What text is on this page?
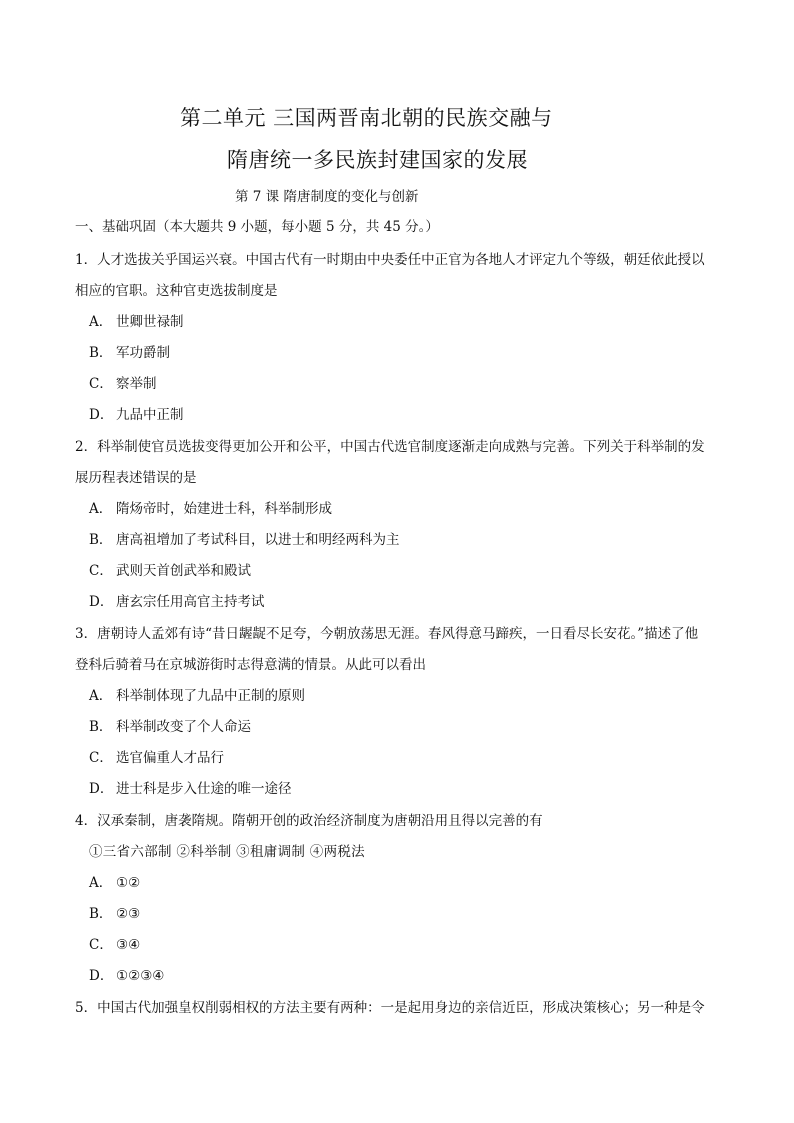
第二单元 三国两晋南北朝的民族交融与
隋唐统一多民族封建国家的发展
第 7 课 隋唐制度的变化与创新
一、基础巩固（本大题共 9 小题，每小题 5 分，共 45 分。）
1．人才选拔关乎国运兴衰。中国古代有一时期由中央委任中正官为各地人才评定九个等级，朝廷依此授以
相应的官职。这种官吏选拔制度是
A． 世卿世禄制
B． 军功爵制
C． 察举制
D． 九品中正制
2．科举制使官员选拔变得更加公开和公平，中国古代选官制度逐渐走向成熟与完善。下列关于科举制的发
展历程表述错误的是
A． 隋炀帝时，始建进士科，科举制形成
B． 唐高祖增加了考试科目，以进士和明经两科为主
C． 武则天首创武举和殿试
D． 唐玄宗任用高官主持考试
3．唐朝诗人孟郊有诗“昔日龌龊不足夸，今朝放荡思无涯。春风得意马蹄疾，一日看尽长安花。”描述了他
登科后骑着马在京城游街时志得意满的情景。从此可以看出
A． 科举制体现了九品中正制的原则
B． 科举制改变了个人命运
C． 选官偏重人才品行
D． 进士科是步入仕途的唯一途径
4．汉承秦制，唐袭隋规。隋朝开创的政治经济制度为唐朝沿用且得以完善的有
①三省六部制 ②科举制 ③租庸调制 ④两税法
A． ①②
B． ②③
C． ③④
D． ①②③④
5．中国古代加强皇权削弱相权的方法主要有两种：一是起用身边的亲信近臣，形成决策核心；另一种是令
